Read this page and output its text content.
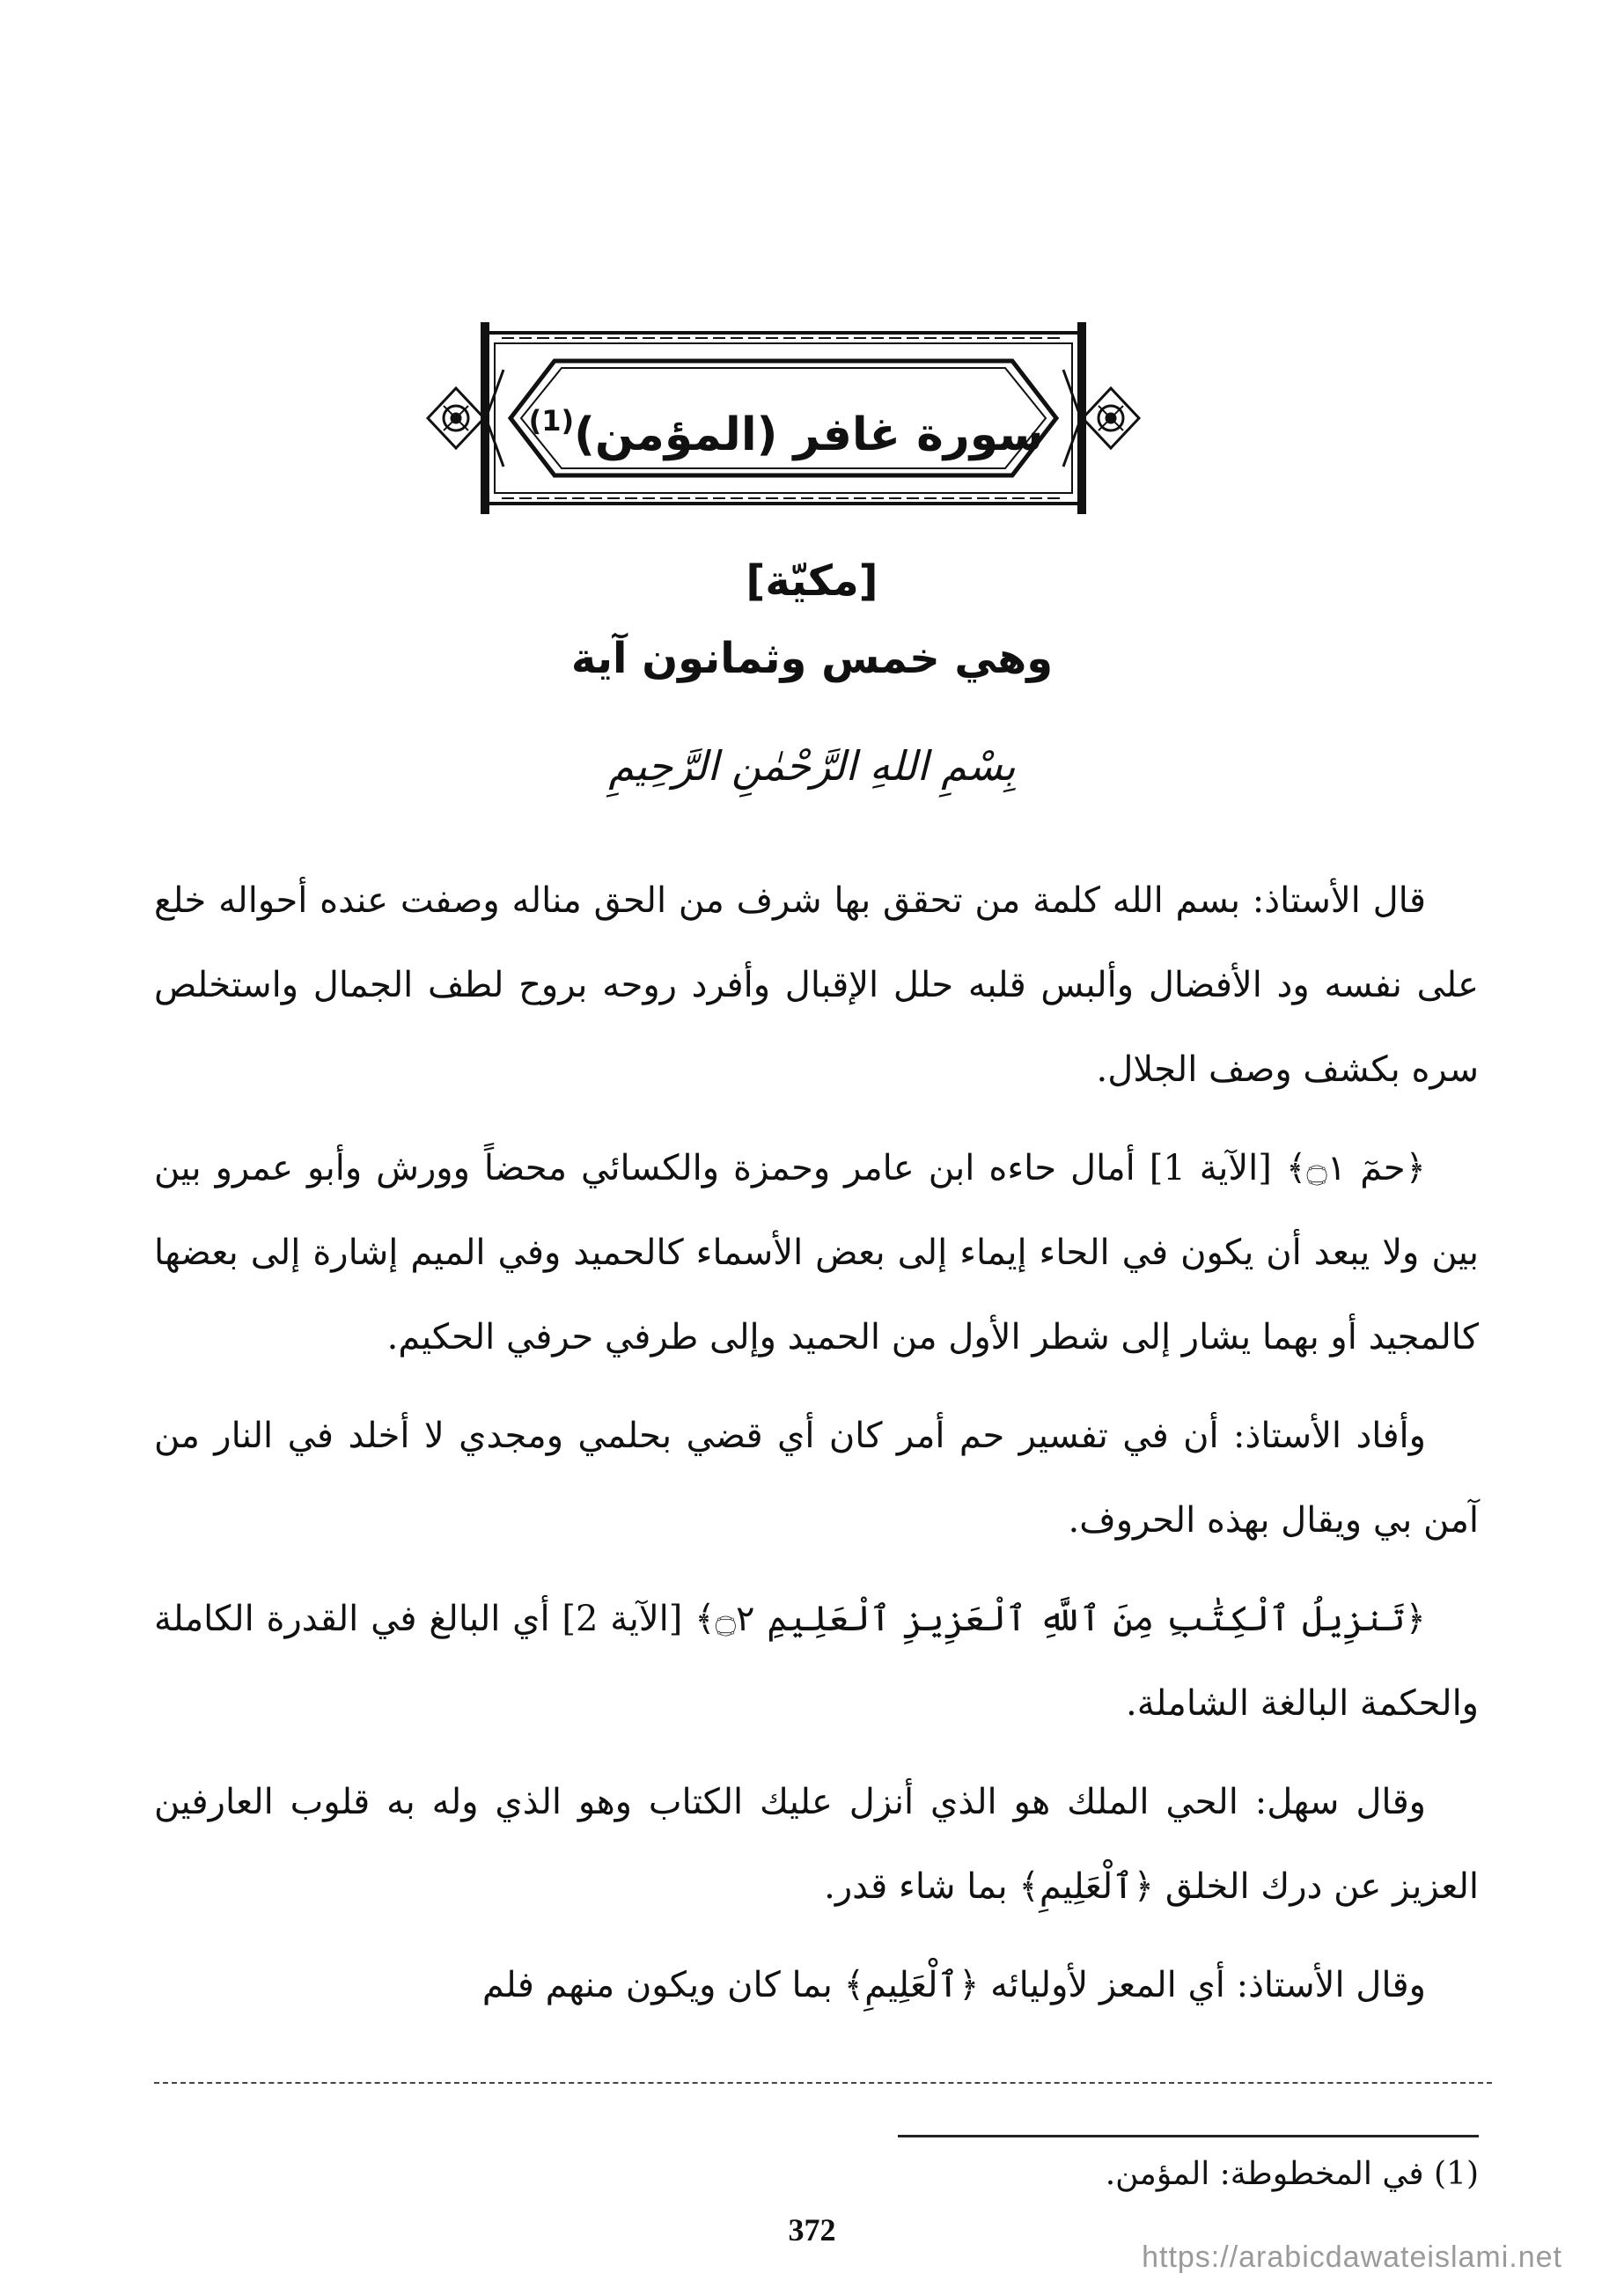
سورة غافر (المؤمن)$^{(1)}$
[مكيّة]
وهي خمس وثمانون آية
بِسْمِ اللهِ الرَّحْمٰنِ الرَّحِيمِ

قال الأستاذ: بسم الله كلمة من تحقق بها شرف من الحق مناله وصفت عنده أحواله خلع على نفسه ود الأفضال وألبس قلبه حلل الإقبال وأفرد روحه بروح لطف الجمال واستخلص سره بكشف وصف الجلال.

﴿حمٓ ۝١﴾ [الآية 1] أمال حاءه ابن عامر وحمزة والكسائي محضاً وورش وأبو عمرو بين بين ولا يبعد أن يكون في الحاء إيماء إلى بعض الأسماء كالحميد وفي الميم إشارة إلى بعضها كالمجيد أو بهما يشار إلى شطر الأول من الحميد وإلى طرفي حرفي الحكيم.

وأفاد الأستاذ: أن في تفسير حم أمر كان أي قضي بحلمي ومجدي لا أخلد في النار من آمن بي ويقال بهذه الحروف.

﴿تَنزِيلُ ٱلْكِتَٰبِ مِنَ ٱللَّهِ ٱلْعَزِيزِ ٱلْعَلِيمِ ۝٢﴾ [الآية 2] أي البالغ في القدرة الكاملة والحكمة البالغة الشاملة.

وقال سهل: الحي الملك هو الذي أنزل عليك الكتاب وهو الذي وله به قلوب العارفين العزيز عن درك الخلق ﴿ٱلْعَلِيمِ﴾ بما شاء قدر.

وقال الأستاذ: أي المعز لأوليائه ﴿ٱلْعَلِيمِ﴾ بما كان ويكون منهم فلم

(1) في المخطوطة: المؤمن.
372
https://arabicdawateislami.net
